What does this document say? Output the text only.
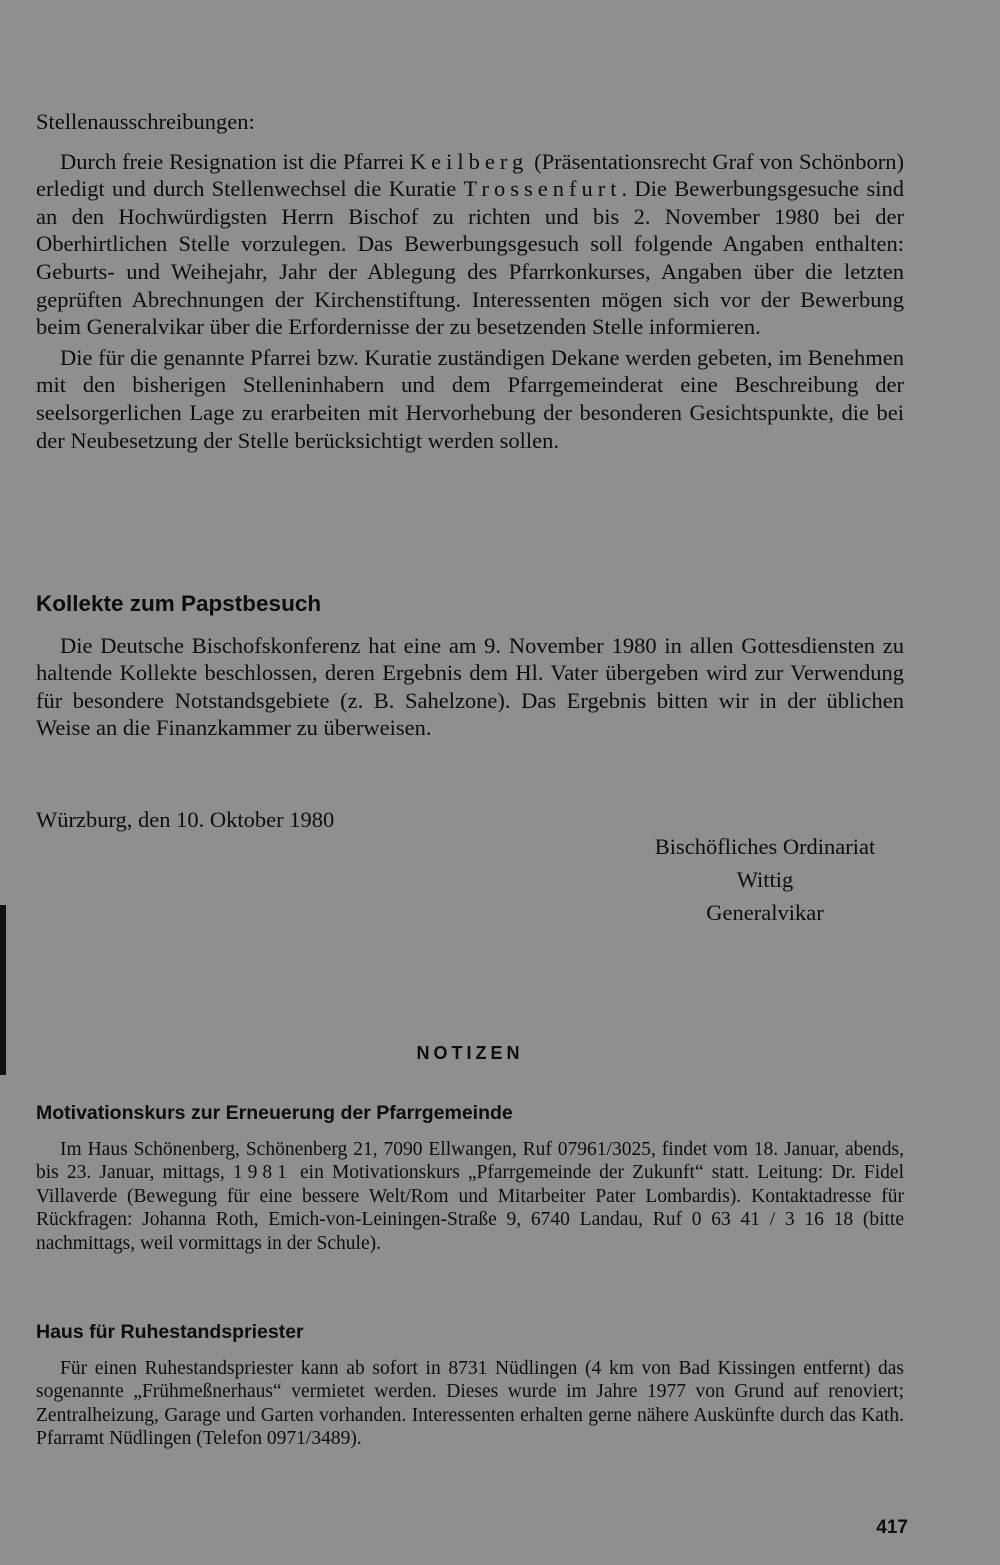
Stellenausschreibungen:

Durch freie Resignation ist die Pfarrei Keilberg (Präsentationsrecht Graf von Schönborn) erledigt und durch Stellenwechsel die Kuratie Trossenfurt. Die Bewerbungsgesuche sind an den Hochwürdigsten Herrn Bischof zu richten und bis 2. November 1980 bei der Oberhirtlichen Stelle vorzulegen. Das Bewerbungsgesuch soll folgende Angaben enthalten: Geburts- und Weihejahr, Jahr der Ablegung des Pfarrkonkurses, Angaben über die letzten geprüften Abrechnungen der Kirchenstiftung. Interessenten mögen sich vor der Bewerbung beim Generalvikar über die Erfordernisse der zu besetzenden Stelle informieren.

Die für die genannte Pfarrei bzw. Kuratie zuständigen Dekane werden gebeten, im Benehmen mit den bisherigen Stelleninhabern und dem Pfarrgemeinderat eine Beschreibung der seelsorgerlichen Lage zu erarbeiten mit Hervorhebung der besonderen Gesichtspunkte, die bei der Neubesetzung der Stelle berücksichtigt werden sollen.

Kollekte zum Papstbesuch

Die Deutsche Bischofskonferenz hat eine am 9. November 1980 in allen Gottesdiensten zu haltende Kollekte beschlossen, deren Ergebnis dem Hl. Vater übergeben wird zur Verwendung für besondere Notstandsgebiete (z. B. Sahelzone). Das Ergebnis bitten wir in der üblichen Weise an die Finanzkammer zu überweisen.

Würzburg, den 10. Oktober 1980
Bischöfliches Ordinariat
Wittig
Generalvikar
NOTIZEN
Motivationskurs zur Erneuerung der Pfarrgemeinde

Im Haus Schönenberg, Schönenberg 21, 7090 Ellwangen, Ruf 07961/3025, findet vom 18. Januar, abends, bis 23. Januar, mittags, 1981 ein Motivationskurs „Pfarrgemeinde der Zukunft“ statt. Leitung: Dr. Fidel Villaverde (Bewegung für eine bessere Welt/Rom und Mitarbeiter Pater Lombardis). Kontaktadresse für Rückfragen: Johanna Roth, Emich-von-Leiningen-Straße 9, 6740 Landau, Ruf 0 63 41 / 3 16 18 (bitte nachmittags, weil vormittags in der Schule).

Haus für Ruhestandspriester

Für einen Ruhestandspriester kann ab sofort in 8731 Nüdlingen (4 km von Bad Kissingen entfernt) das sogenannte „Frühmeßnerhaus“ vermietet werden. Dieses wurde im Jahre 1977 von Grund auf renoviert; Zentralheizung, Garage und Garten vorhanden. Interessenten erhalten gerne nähere Auskünfte durch das Kath. Pfarramt Nüdlingen (Telefon 0971/3489).

417
